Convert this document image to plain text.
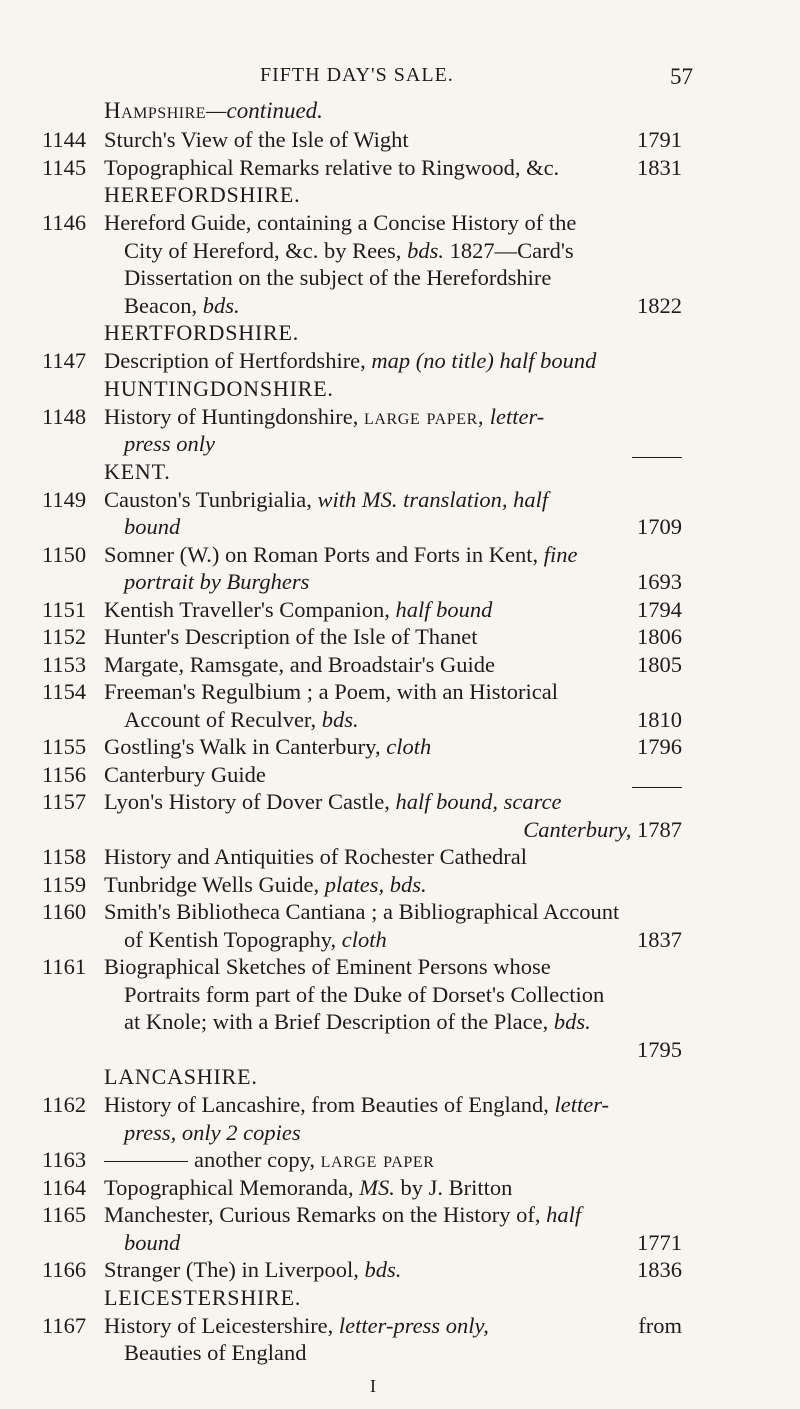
FIFTH DAY'S SALE.	57
Hampshire—continued.
1144 Sturch's View of the Isle of Wight	1791
1145 Topographical Remarks relative to Ringwood, &c.	1831
HEREFORDSHIRE.
1146 Hereford Guide, containing a Concise History of the
City of Hereford, &c. by Rees, bds. 1827—Card's
Dissertation on the subject of the Herefordshire
Beacon, bds.	1822
HERTFORDSHIRE.
1147 Description of Hertfordshire, map (no title) half bound
HUNTINGDONSHIRE.
1148 History of Huntingdonshire, large paper, letter-
press only
KENT.
1149 Causton's Tunbrigialia, with MS. translation, half
bound	1709
1150 Somner (W.) on Roman Ports and Forts in Kent, fine
portrait by Burghers	1693
1151 Kentish Traveller's Companion, half bound	1794
1152 Hunter's Description of the Isle of Thanet	1806
1153 Margate, Ramsgate, and Broadstair's Guide	1805
1154 Freeman's Regulbium ; a Poem, with an Historical
Account of Reculver, bds.	1810
1155 Gostling's Walk in Canterbury, cloth	1796
1156 Canterbury Guide
1157 Lyon's History of Dover Castle, half bound, scarce
Canterbury, 1787
1158 History and Antiquities of Rochester Cathedral
1159 Tunbridge Wells Guide, plates, bds.
1160 Smith's Bibliotheca Cantiana ; a Bibliographical Account
of Kentish Topography, cloth	1837
1161 Biographical Sketches of Eminent Persons whose
Portraits form part of the Duke of Dorset's Collection
at Knole; with a Brief Description of the Place, bds.
1795
LANCASHIRE.
1162 History of Lancashire, from Beauties of England, letter-
press, only 2 copies
1163	another copy, large paper
1164 Topographical Memoranda, MS. by J. Britton
1165 Manchester, Curious Remarks on the History of, half
bound	1771
1166 Stranger (The) in Liverpool, bds.	1836
LEICESTERSHIRE.
1167 History of Leicestershire, letter-press only,	from
Beauties of England
I
